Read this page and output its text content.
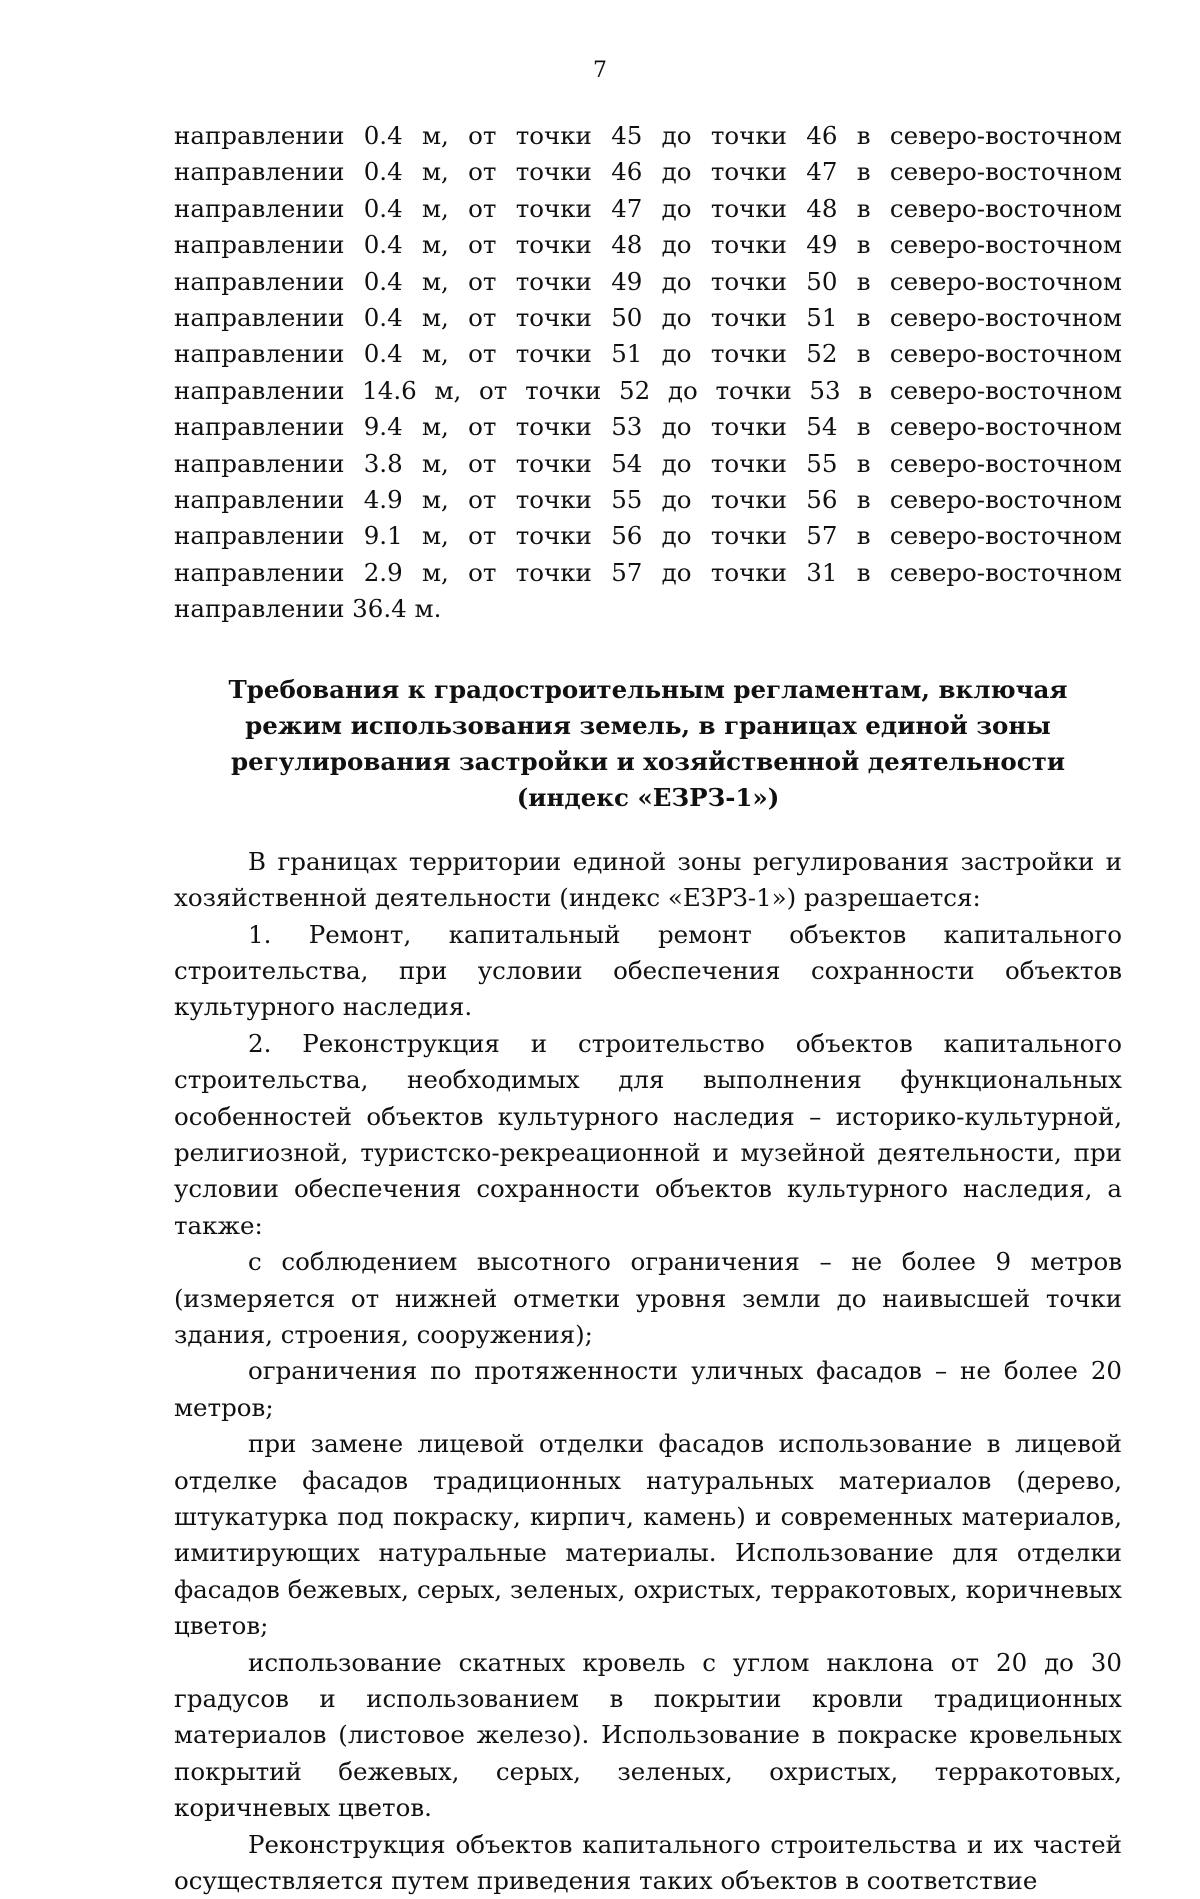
7

направлении 0.4 м, от точки 45 до точки 46 в северо-восточном направлении 0.4 м, от точки 46 до точки 47 в северо-восточном направлении 0.4 м, от точки 47 до точки 48 в северо-восточном направлении 0.4 м, от точки 48 до точки 49 в северо-восточном направлении 0.4 м, от точки 49 до точки 50 в северо-восточном направлении 0.4 м, от точки 50 до точки 51 в северо-восточном направлении 0.4 м, от точки 51 до точки 52 в северо-восточном направлении 14.6 м, от точки 52 до точки 53 в северо-восточном направлении 9.4 м, от точки 53 до точки 54 в северо-восточном направлении 3.8 м, от точки 54 до точки 55 в северо-восточном направлении 4.9 м, от точки 55 до точки 56 в северо-восточном направлении 9.1 м, от точки 56 до точки 57 в северо-восточном направлении 2.9 м, от точки 57 до точки 31 в северо-восточном направлении 36.4 м.

Требования к градостроительным регламентам, включая режим использования земель, в границах единой зоны регулирования застройки и хозяйственной деятельности (индекс «ЕЗРЗ-1»)

В границах территории единой зоны регулирования застройки и хозяйственной деятельности (индекс «ЕЗРЗ-1») разрешается:

1. Ремонт, капитальный ремонт объектов капитального строительства, при условии обеспечения сохранности объектов культурного наследия.

2. Реконструкция и строительство объектов капитального строительства, необходимых для выполнения функциональных особенностей объектов культурного наследия – историко-культурной, религиозной, туристско-рекреационной и музейной деятельности, при условии обеспечения сохранности объектов культурного наследия, а также:

с соблюдением высотного ограничения – не более 9 метров (измеряется от нижней отметки уровня земли до наивысшей точки здания, строения, сооружения);

ограничения по протяженности уличных фасадов – не более 20 метров;

при замене лицевой отделки фасадов использование в лицевой отделке фасадов традиционных натуральных материалов (дерево, штукатурка под покраску, кирпич, камень) и современных материалов, имитирующих натуральные материалы. Использование для отделки фасадов бежевых, серых, зеленых, охристых, терракотовых, коричневых цветов;

использование скатных кровель с углом наклона от 20 до 30 градусов и использованием в покрытии кровли традиционных материалов (листовое железо). Использование в покраске кровельных покрытий бежевых, серых, зеленых, охристых, терракотовых, коричневых цветов.

Реконструкция объектов капитального строительства и их частей осуществляется путем приведения таких объектов в соответствие
